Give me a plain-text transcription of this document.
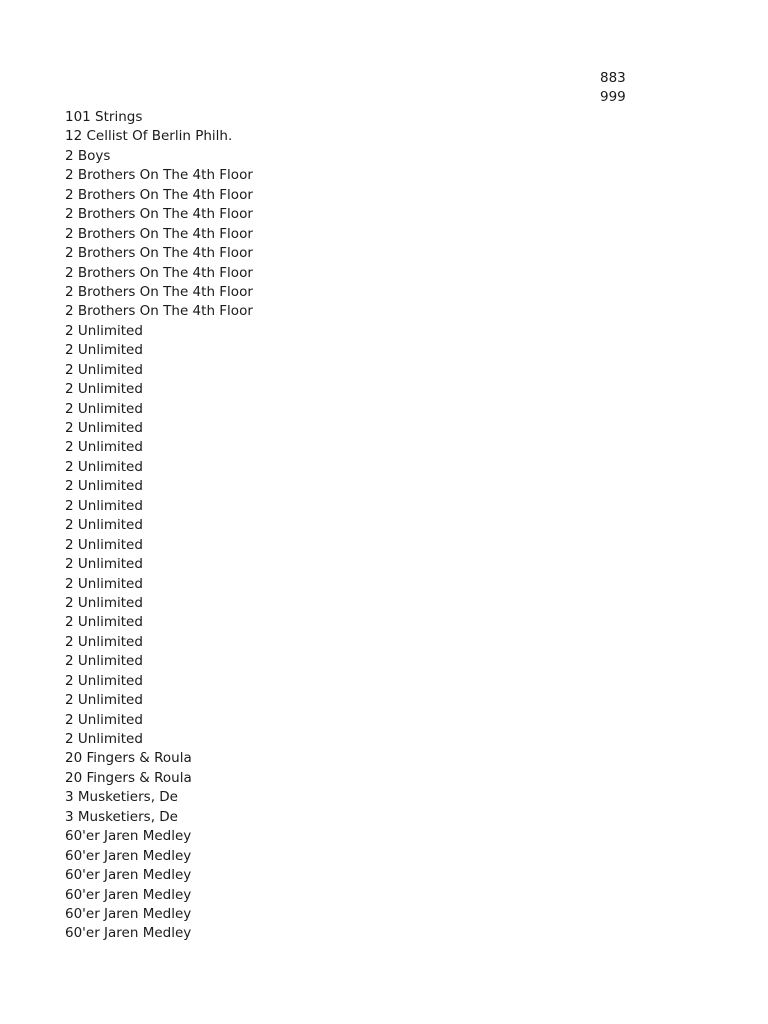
883
999
101 Strings
12 Cellist Of Berlin Philh.
2 Boys
2 Brothers On The 4th Floor
2 Brothers On The 4th Floor
2 Brothers On The 4th Floor
2 Brothers On The 4th Floor
2 Brothers On The 4th Floor
2 Brothers On The 4th Floor
2 Brothers On The 4th Floor
2 Brothers On The 4th Floor
2 Unlimited
2 Unlimited
2 Unlimited
2 Unlimited
2 Unlimited
2 Unlimited
2 Unlimited
2 Unlimited
2 Unlimited
2 Unlimited
2 Unlimited
2 Unlimited
2 Unlimited
2 Unlimited
2 Unlimited
2 Unlimited
2 Unlimited
2 Unlimited
2 Unlimited
2 Unlimited
2 Unlimited
2 Unlimited
20 Fingers & Roula
20 Fingers & Roula
3 Musketiers, De
3 Musketiers, De
60'er Jaren Medley
60'er Jaren Medley
60'er Jaren Medley
60'er Jaren Medley
60'er Jaren Medley
60'er Jaren Medley
